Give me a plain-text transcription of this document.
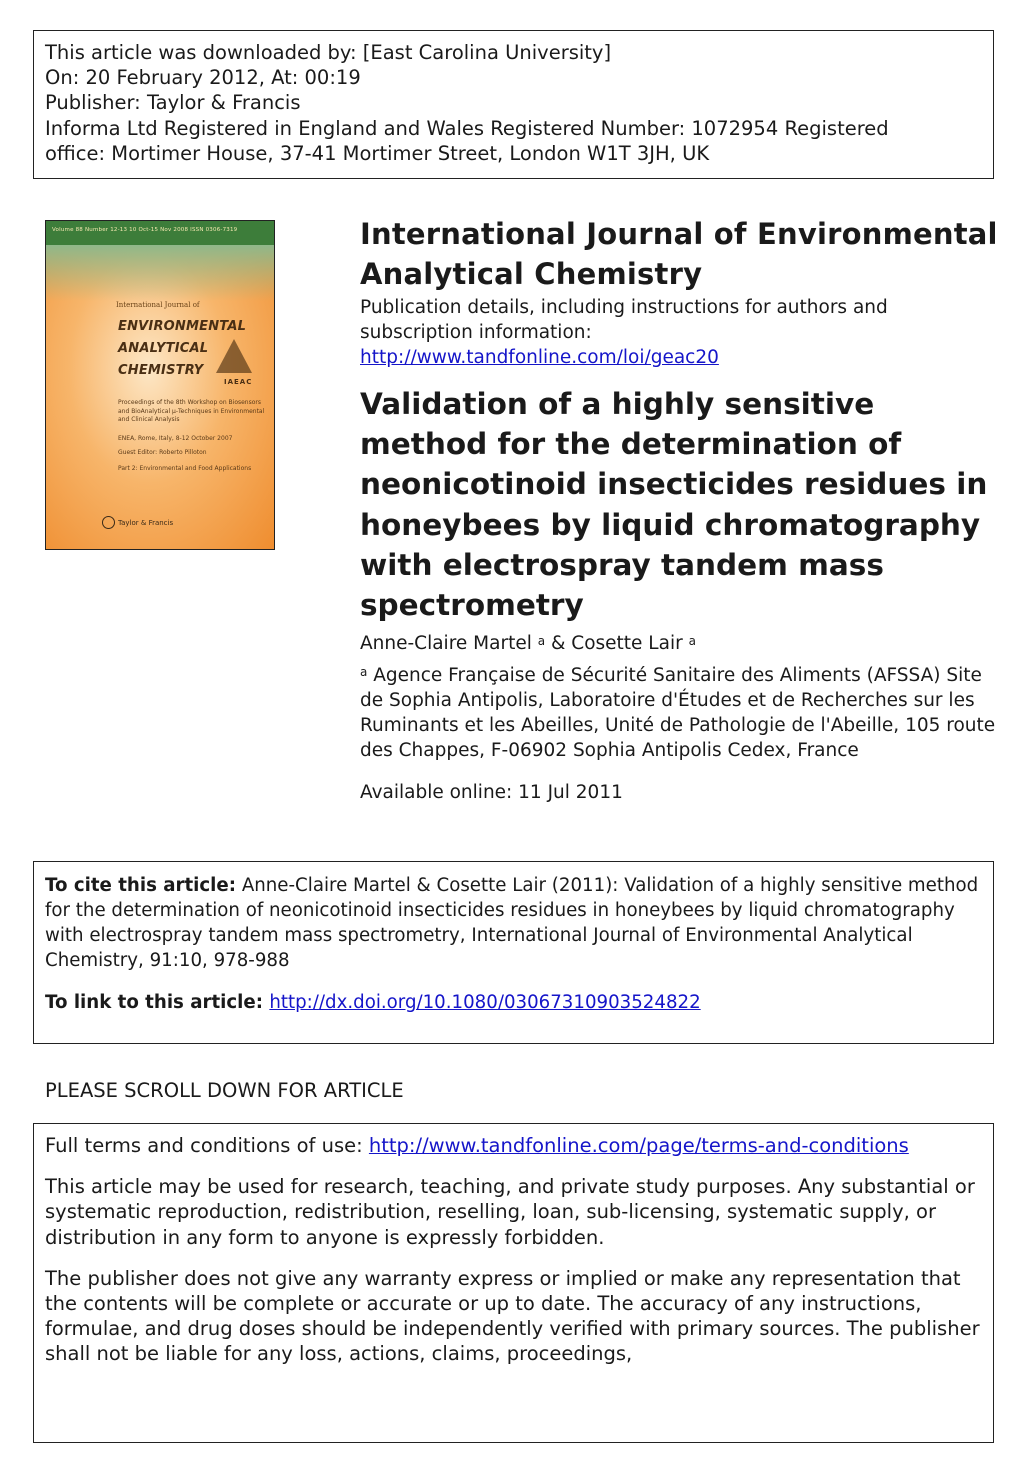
This article was downloaded by: [East Carolina University]
On: 20 February 2012, At: 00:19
Publisher: Taylor & Francis
Informa Ltd Registered in England and Wales Registered Number: 1072954 Registered
office: Mortimer House, 37-41 Mortimer Street, London W1T 3JH, UK
Volume 88 Number 12-13 10 Oct-15 Nov 2008 ISSN 0306-7319
International Journal of
ENVIRONMENTAL
ANALYTICAL
CHEMISTRY
IAEAC
Proceedings of the 8th Workshop on Biosensors and BioAnalytical μ-Techniques in Environmental and Clinical Analysis
ENEA, Rome, Italy, 8-12 October 2007
Guest Editor: Roberto Pilloton
Part 2: Environmental and Food Applications
Taylor & Francis
International Journal of Environmental Analytical Chemistry
Publication details, including instructions for authors and subscription information:
http://www.tandfonline.com/loi/geac20
Validation of a highly sensitive method for the determination of neonicotinoid insecticides residues in honeybees by liquid chromatography with electrospray tandem mass spectrometry
Anne-Claire Martel $^a$ & Cosette Lair $^a$
$^a$ Agence Française de Sécurité Sanitaire des Aliments (AFSSA) Site de Sophia Antipolis, Laboratoire d'Études et de Recherches sur les Ruminants et les Abeilles, Unité de Pathologie de l'Abeille, 105 route des Chappes, F-06902 Sophia Antipolis Cedex, France
Available online: 11 Jul 2011
To cite this article: Anne-Claire Martel & Cosette Lair (2011): Validation of a highly sensitive method for the determination of neonicotinoid insecticides residues in honeybees by liquid chromatography with electrospray tandem mass spectrometry, International Journal of Environmental Analytical Chemistry, 91:10, 978-988
To link to this article: http://dx.doi.org/10.1080/03067310903524822
PLEASE SCROLL DOWN FOR ARTICLE

Full terms and conditions of use: http://www.tandfonline.com/page/terms-and-conditions

This article may be used for research, teaching, and private study purposes. Any substantial or systematic reproduction, redistribution, reselling, loan, sub-licensing, systematic supply, or distribution in any form to anyone is expressly forbidden.

The publisher does not give any warranty express or implied or make any representation that the contents will be complete or accurate or up to date. The accuracy of any instructions, formulae, and drug doses should be independently verified with primary sources. The publisher shall not be liable for any loss, actions, claims, proceedings,
